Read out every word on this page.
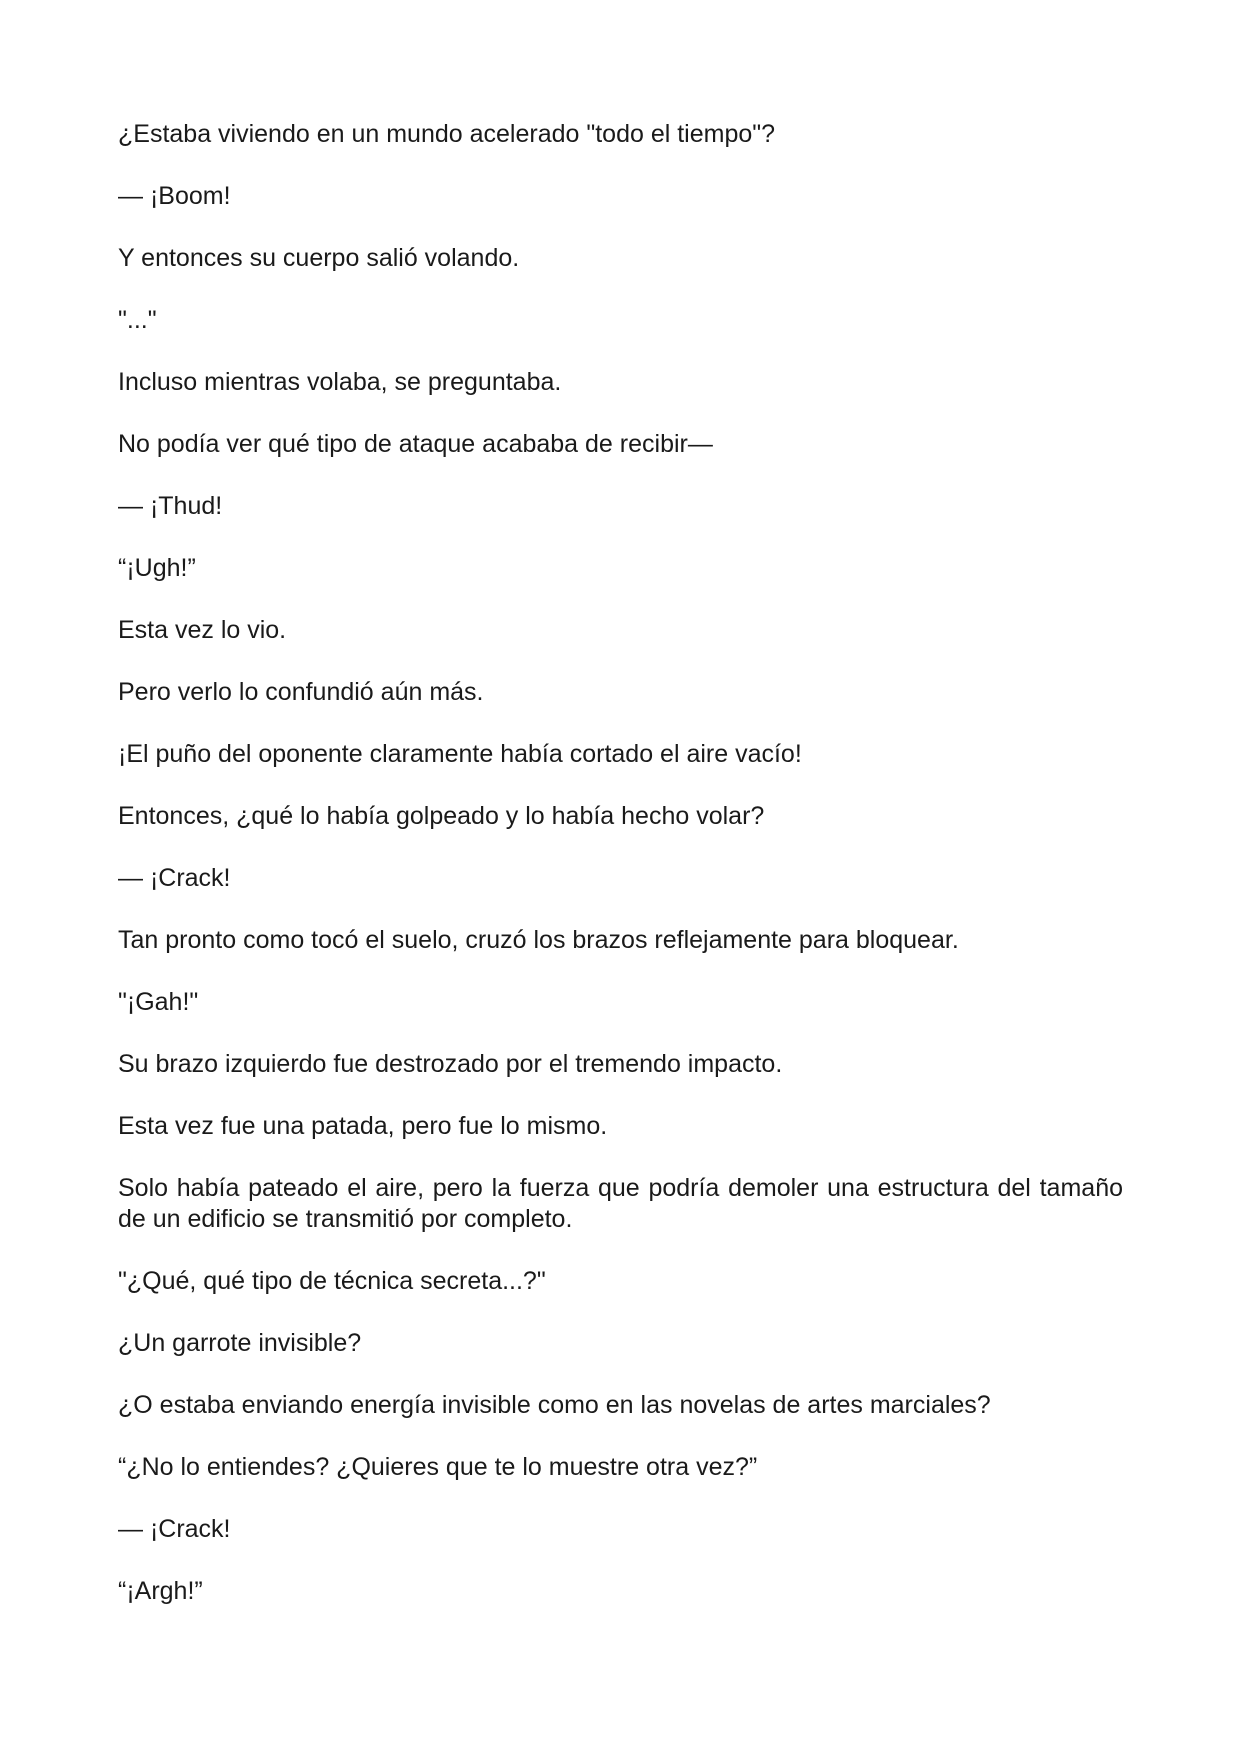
¿Estaba viviendo en un mundo acelerado "todo el tiempo"?

— ¡Boom!

Y entonces su cuerpo salió volando.

"..."

Incluso mientras volaba, se preguntaba.

No podía ver qué tipo de ataque acababa de recibir—

— ¡Thud!

“¡Ugh!”

Esta vez lo vio.

Pero verlo lo confundió aún más.

¡El puño del oponente claramente había cortado el aire vacío!

Entonces, ¿qué lo había golpeado y lo había hecho volar?

— ¡Crack!

Tan pronto como tocó el suelo, cruzó los brazos reflejamente para bloquear.

"¡Gah!"

Su brazo izquierdo fue destrozado por el tremendo impacto.

Esta vez fue una patada, pero fue lo mismo.

Solo había pateado el aire, pero la fuerza que podría demoler una estructura del tamaño de un edificio se transmitió por completo.

"¿Qué, qué tipo de técnica secreta...?"

¿Un garrote invisible?

¿O estaba enviando energía invisible como en las novelas de artes marciales?

“¿No lo entiendes? ¿Quieres que te lo muestre otra vez?”

— ¡Crack!

“¡Argh!”
